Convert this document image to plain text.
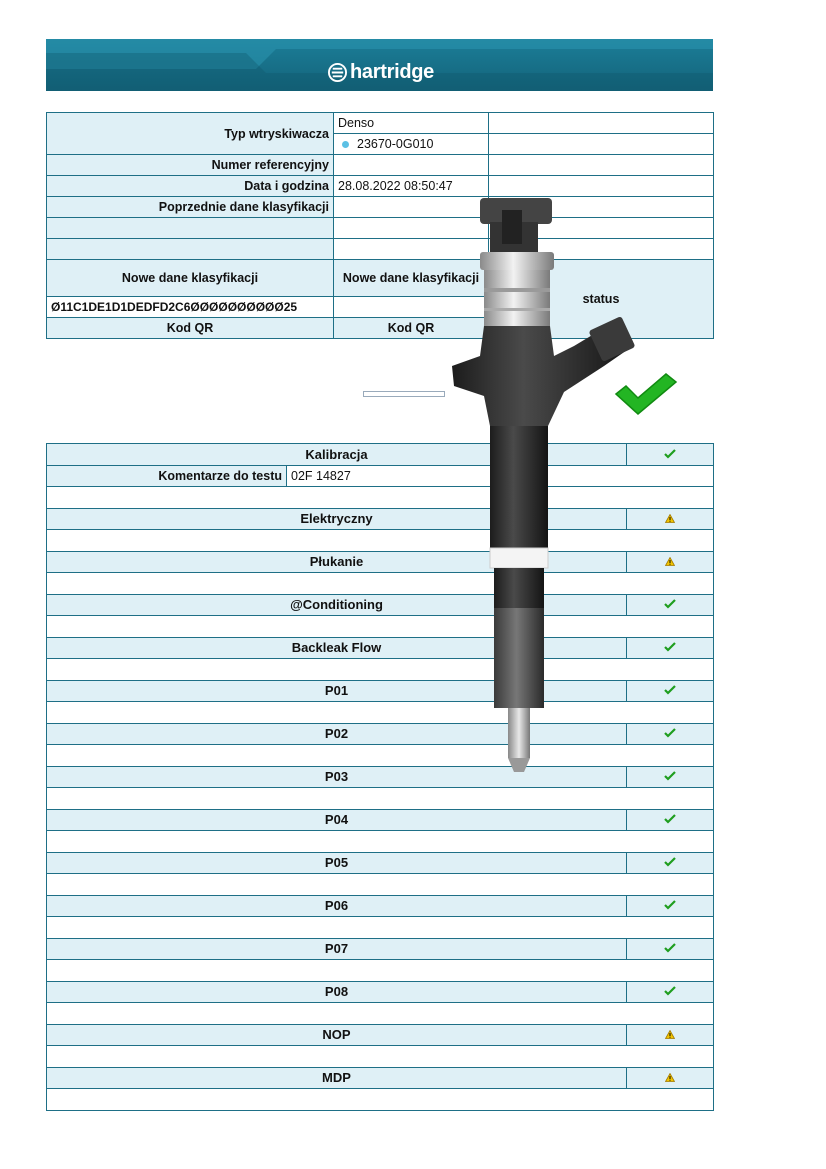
hartridge
Typ wtryskiwacza	Denso	
	23670-0G010	
Numer referencyjny		
Data i godzina	28.08.2022 08:50:47	
Poprzednie dane klasyfikacji		

Nowe dane klasyfikacji	Nowe dane klasyfikacji	status
Ø11C1DE1D1DEDFD2C6ØØØØØØØØØØ25		
Kod QR	Kod QR	
Kalibracja	
Komentarze do testu	02F 14827	

Elektryczny	

Płukanie	

@Conditioning	

Backleak Flow	

P01	

P02	

P03	

P04	

P05	

P06	

P07	

P08	

NOP	

MDP	
